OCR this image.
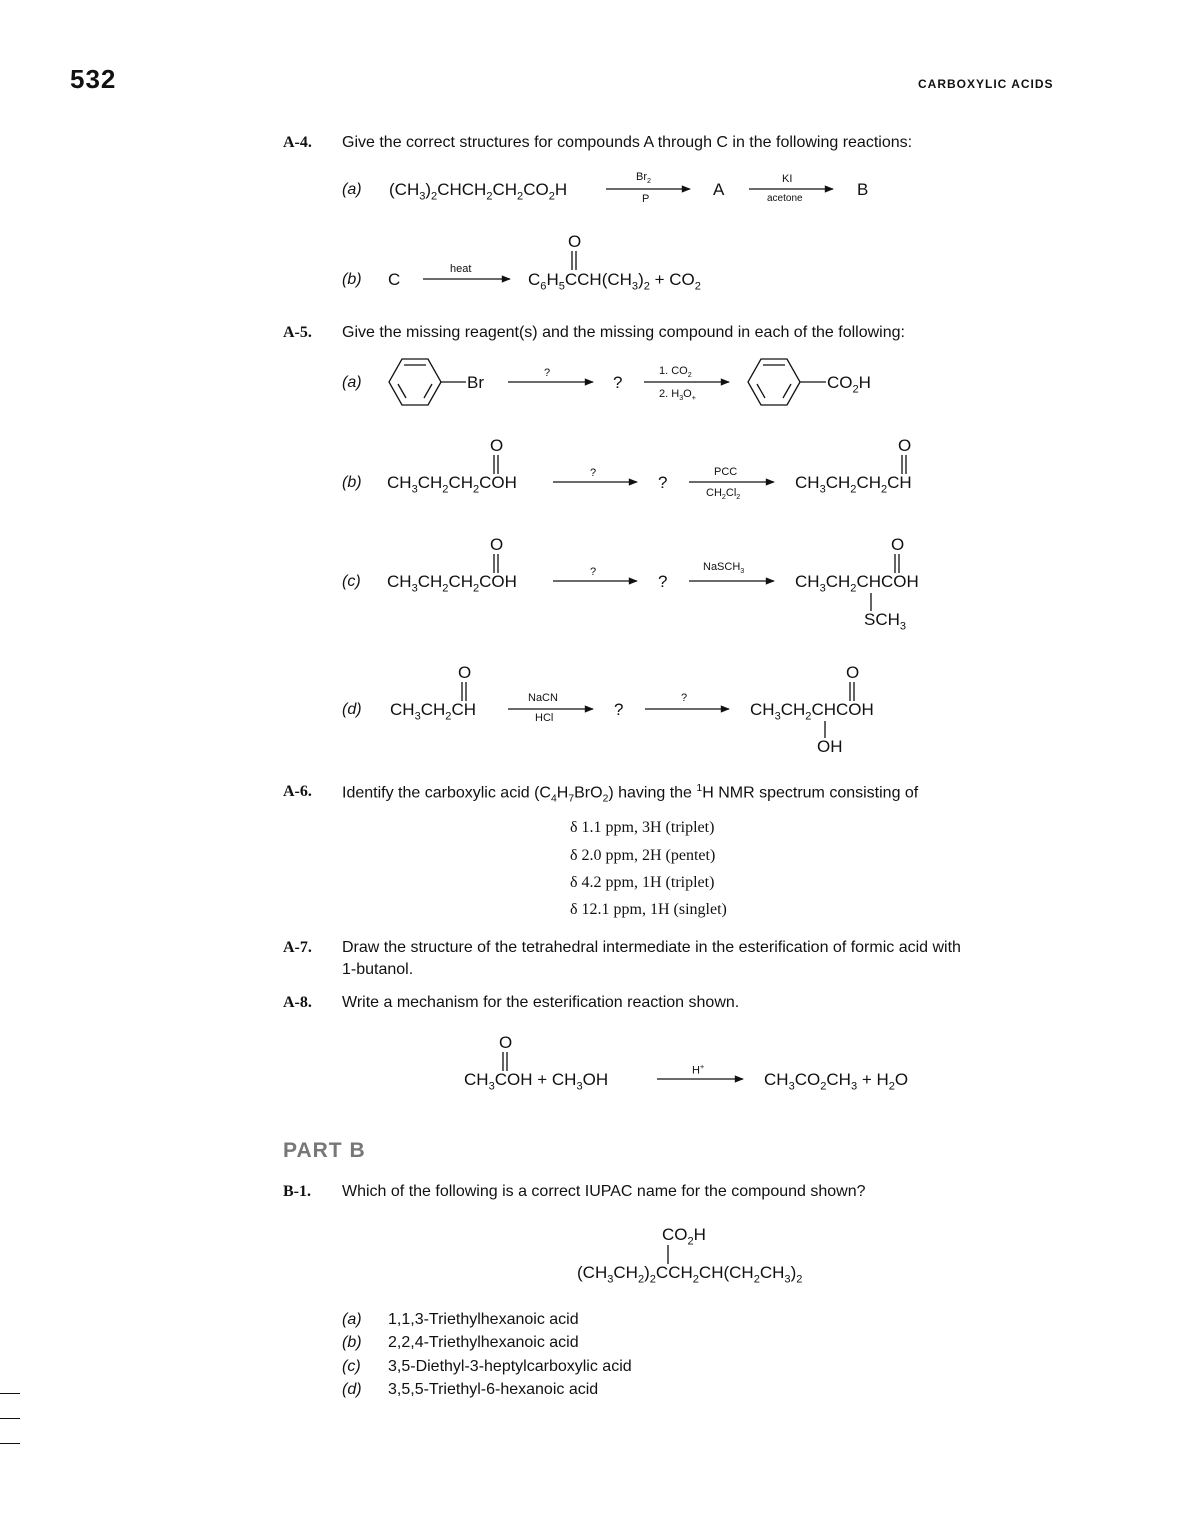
532	CARBOXYLIC ACIDS
A-4. Give the correct structures for compounds A through C in the following reactions:
(a) $(CH_3)_2CHCH_2CH_2CO_2H$
$Br_2$
P	A
KI
acetone	B
(b) C
heat
O
$C_6H_5CCH(CH_3)_2 + CO_2$
A-5. Give the missing reagent(s) and the missing compound in each of the following:
(a)	Br	?	?
1. $CO_2$
2. $H_3O_+$
$CO_2H$
(b)
O
$CH_3CH_2CH_2COH$	?	?
PCC
$CH_2Cl_2$
O
$CH_3CH_2CH_2CH$
(c)
O
$CH_3CH_2CH_2COH$	?	?
NaSCH$_3$
O
$CH_3CH_2CHCOH$
$SCH_3$
(d)
O
$CH_3CH_2CH$
NaCN
HCl	?
?
O
$CH_3CH_2CHCOH$
OH
A-6. Identify the carboxylic acid $(C_4H_7BrO_2)$ having the $^1$H NMR spectrum consisting of
δ 1.1 ppm, 3H (triplet)
δ 2.0 ppm, 2H (pentet)
δ 4.2 ppm, 1H (triplet)
δ 12.1 ppm, 1H (singlet)
A-7. Draw the structure of the tetrahedral intermediate in the esterification of formic acid with
1-butanol.
A-8. Write a mechanism for the esterification reaction shown.
O
$CH_3COH + CH_3OH$	H+
$CH_3CO_2CH_3 + H_2O$
PART B
B-1. Which of the following is a correct IUPAC name for the compound shown?
$CO_2H$
$(CH_3CH_2)_2CCH_2CH(CH_2CH_3)_2$
(a) 1,1,3-Triethylhexanoic acid
(b) 2,2,4-Triethylhexanoic acid
(c) 3,5-Diethyl-3-heptylcarboxylic acid
(d) 3,5,5-Triethyl-6-hexanoic acid
